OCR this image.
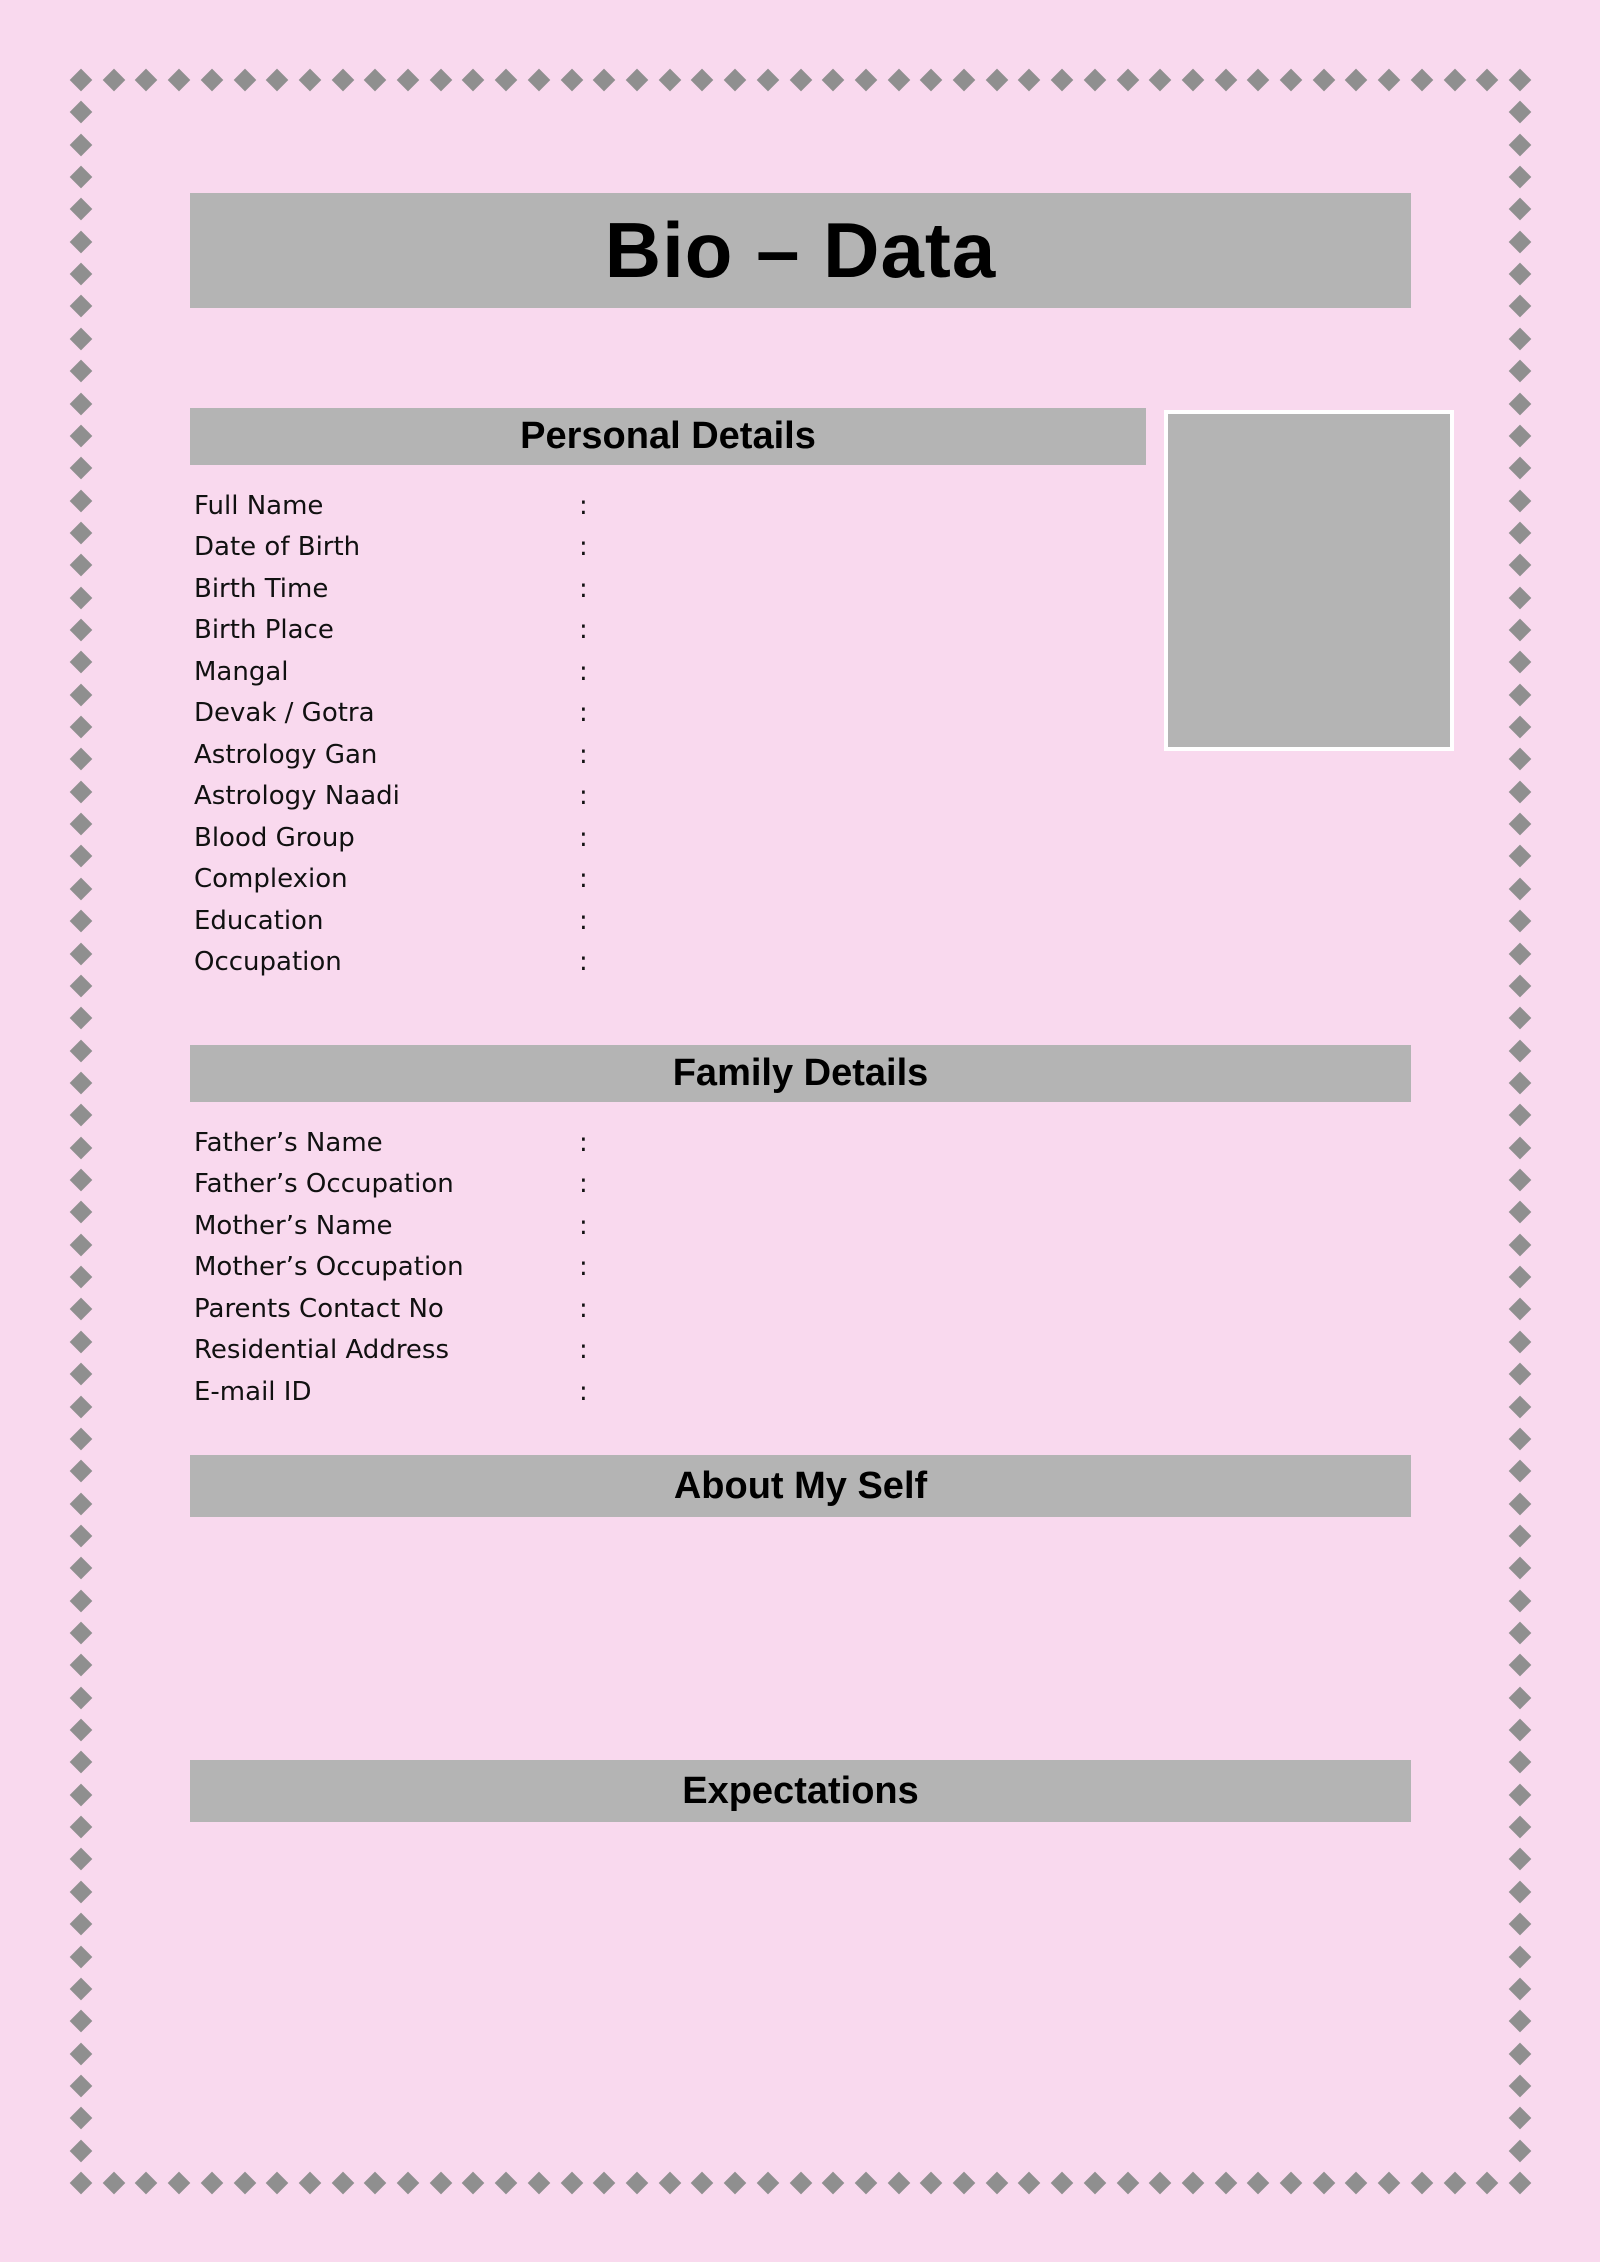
Bio – Data
Personal Details
Full Name	:
Date of Birth	:
Birth Time	:
Birth Place	:
Mangal	:
Devak / Gotra	:
Astrology Gan	:
Astrology Naadi	:
Blood Group	:
Complexion	:
Education	:
Occupation	:
Family Details
Father’s Name	:
Father’s Occupation	:
Mother’s Name	:
Mother’s Occupation	:
Parents Contact No	:
Residential Address	:
E-mail ID	:
About My Self
Expectations
